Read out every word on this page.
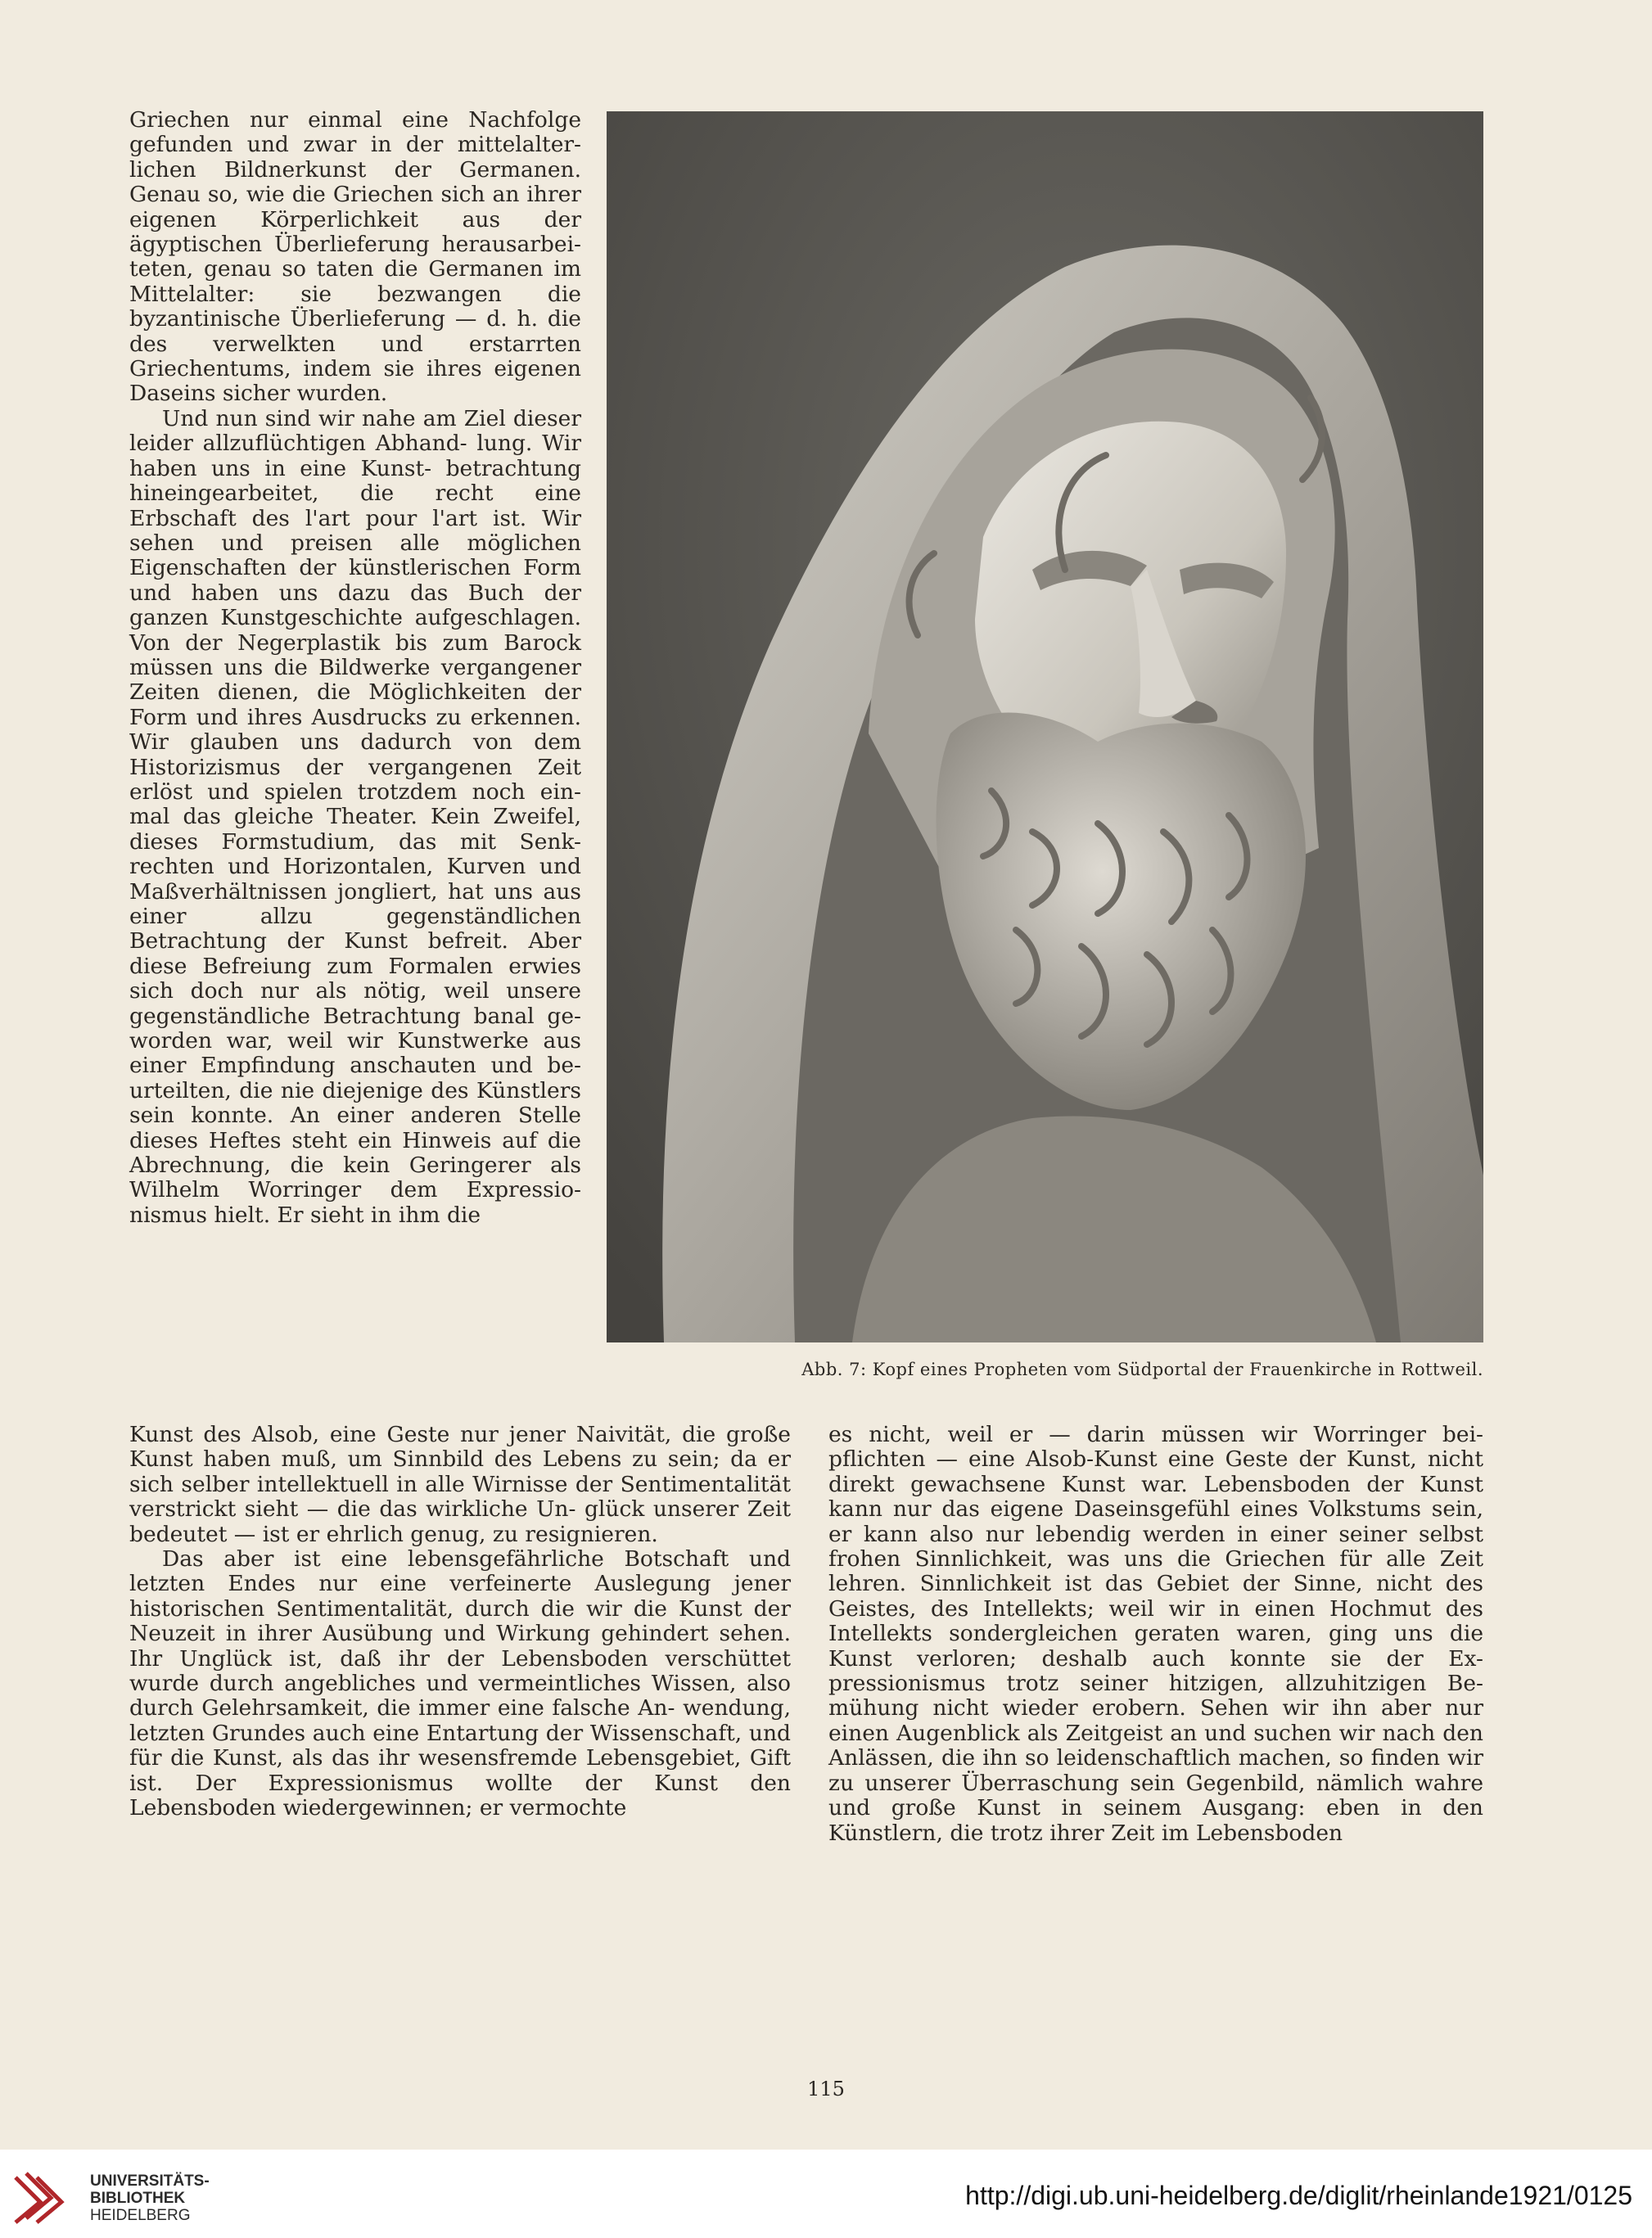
Griechen nur einmal eine Nachfolge gefunden und zwar in der mittelalter- lichen Bildnerkunst der Germanen. Genau so, wie die Griechen sich an ihrer eigenen Körperlichkeit aus der ägyptischen Überlieferung herausarbei- teten, genau so taten die Germanen im Mittelalter: sie bezwangen die byzantinische Überlieferung — d. h. die des verwelkten und erstarrten Griechentums, indem sie ihres eigenen Daseins sicher wurden.

Und nun sind wir nahe am Ziel dieser leider allzuflüchtigen Abhand- lung. Wir haben uns in eine Kunst- betrachtung hineingearbeitet, die recht eine Erbschaft des l'art pour l'art ist. Wir sehen und preisen alle möglichen Eigenschaften der künstlerischen Form und haben uns dazu das Buch der ganzen Kunstgeschichte aufgeschlagen. Von der Negerplastik bis zum Barock müssen uns die Bildwerke vergangener Zeiten dienen, die Möglichkeiten der Form und ihres Ausdrucks zu erkennen. Wir glauben uns dadurch von dem Historizismus der vergangenen Zeit erlöst und spielen trotzdem noch ein- mal das gleiche Theater. Kein Zweifel, dieses Formstudium, das mit Senk- rechten und Horizontalen, Kurven und Maßverhältnissen jongliert, hat uns aus einer allzu gegenständlichen Betrachtung der Kunst befreit. Aber diese Befreiung zum Formalen erwies sich doch nur als nötig, weil unsere gegenständliche Betrachtung banal ge- worden war, weil wir Kunstwerke aus einer Empfindung anschauten und be- urteilten, die nie diejenige des Künstlers sein konnte. An einer anderen Stelle dieses Heftes steht ein Hinweis auf die Abrechnung, die kein Geringerer als Wilhelm Worringer dem Expressio- nismus hielt. Er sieht in ihm die

Abb. 7: Kopf eines Propheten vom Südportal der Frauenkirche in Rottweil.

Kunst des Alsob, eine Geste nur jener Naivität, die große Kunst haben muß, um Sinnbild des Lebens zu sein; da er sich selber intellektuell in alle Wirnisse der Sentimentalität verstrickt sieht — die das wirkliche Un- glück unserer Zeit bedeutet — ist er ehrlich genug, zu resignieren.

Das aber ist eine lebensgefährliche Botschaft und letzten Endes nur eine verfeinerte Auslegung jener historischen Sentimentalität, durch die wir die Kunst der Neuzeit in ihrer Ausübung und Wirkung gehindert sehen. Ihr Unglück ist, daß ihr der Lebensboden verschüttet wurde durch angebliches und vermeintliches Wissen, also durch Gelehrsamkeit, die immer eine falsche An- wendung, letzten Grundes auch eine Entartung der Wissenschaft, und für die Kunst, als das ihr wesensfremde Lebensgebiet, Gift ist. Der Expressionismus wollte der Kunst den Lebensboden wiedergewinnen; er vermochte

es nicht, weil er — darin müssen wir Worringer bei- pflichten — eine Alsob-Kunst eine Geste der Kunst, nicht direkt gewachsene Kunst war. Lebensboden der Kunst kann nur das eigene Daseinsgefühl eines Volkstums sein, er kann also nur lebendig werden in einer seiner selbst frohen Sinnlichkeit, was uns die Griechen für alle Zeit lehren. Sinnlichkeit ist das Gebiet der Sinne, nicht des Geistes, des Intellekts; weil wir in einen Hochmut des Intellekts sondergleichen geraten waren, ging uns die Kunst verloren; deshalb auch konnte sie der Ex- pressionismus trotz seiner hitzigen, allzuhitzigen Be- mühung nicht wieder erobern. Sehen wir ihn aber nur einen Augenblick als Zeitgeist an und suchen wir nach den Anlässen, die ihn so leidenschaftlich machen, so finden wir zu unserer Überraschung sein Gegenbild, nämlich wahre und große Kunst in seinem Ausgang: eben in den Künstlern, die trotz ihrer Zeit im Lebensboden

115
UNIVERSITÄTS-
BIBLIOTHEK
HEIDELBERG
http://digi.ub.uni-heidelberg.de/diglit/rheinlande1921/0125
